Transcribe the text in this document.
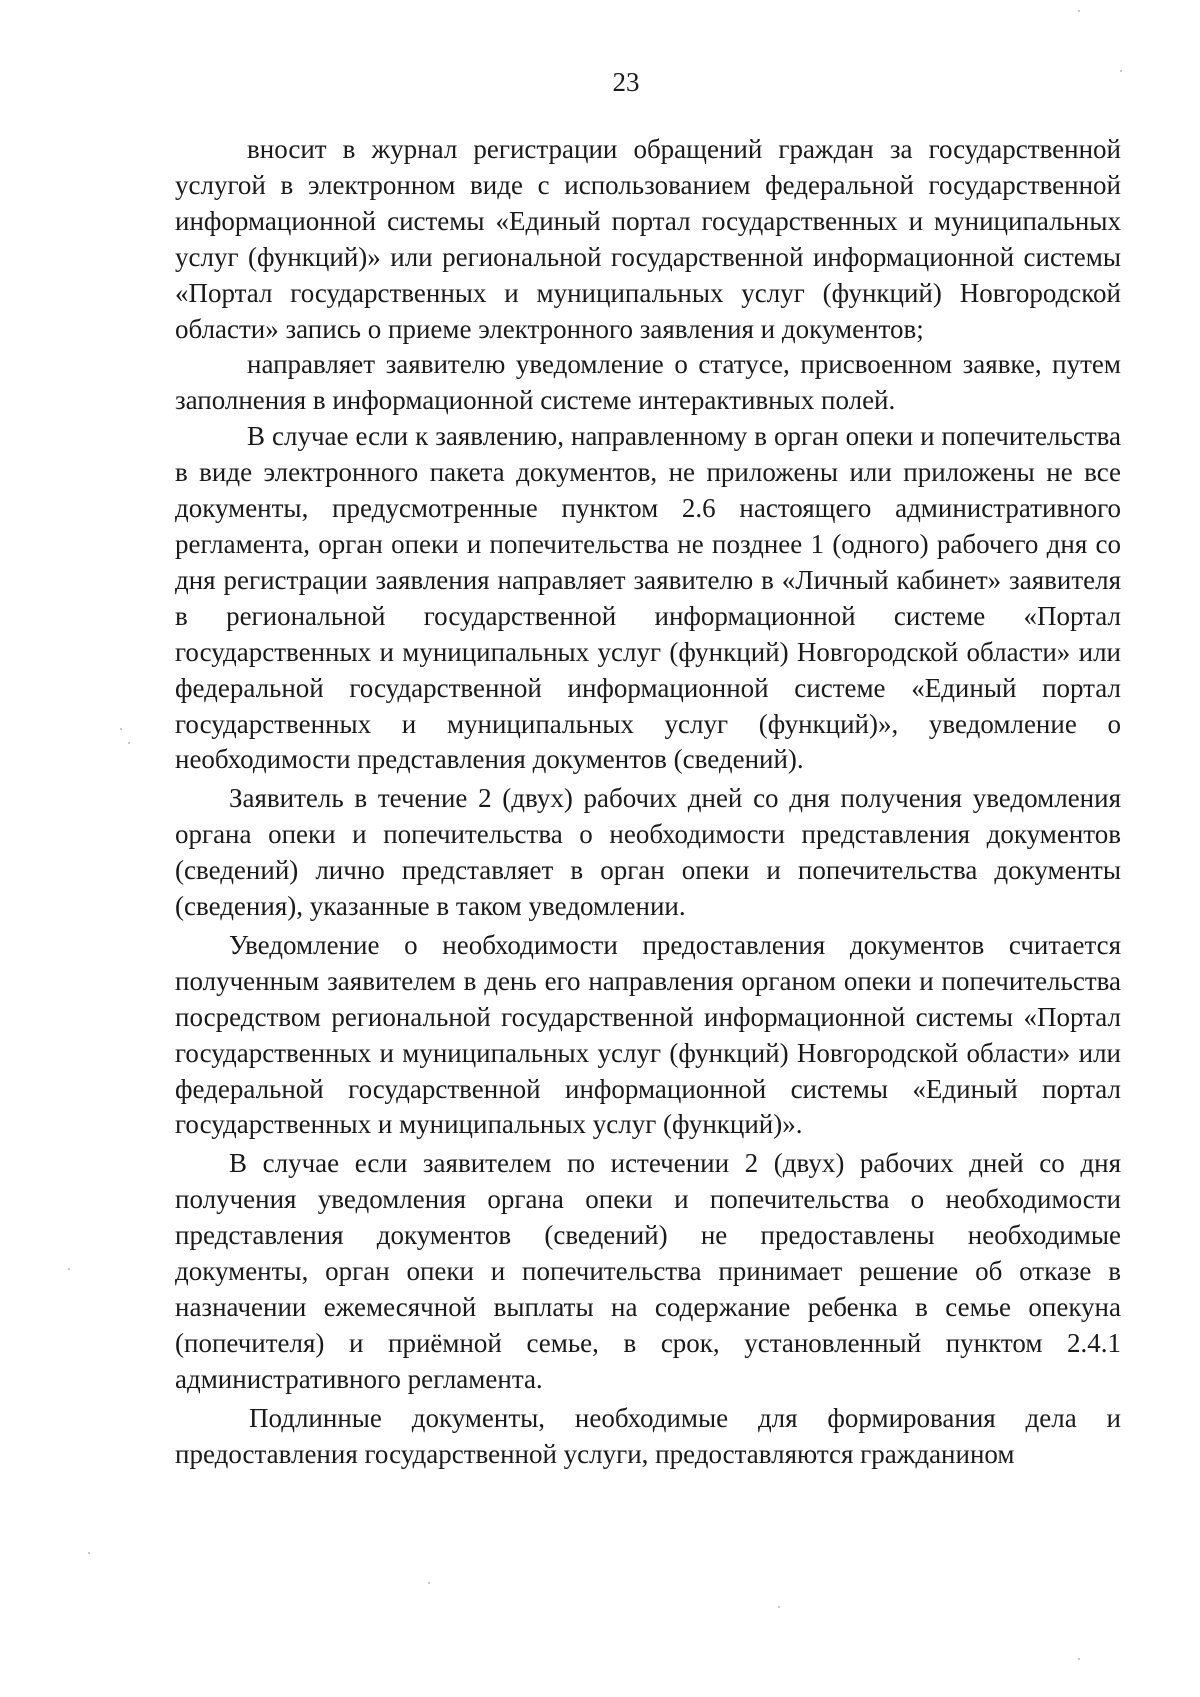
23

вносит в журнал регистрации обращений граждан за государственной услугой в электронном виде с использованием федеральной государственной информационной системы «Единый портал государственных и муниципальных услуг (функций)» или региональной государственной информационной системы «Портал государственных и муниципальных услуг (функций) Новгородской области» запись о приеме электронного заявления и документов;

направляет заявителю уведомление о статусе, присвоенном заявке, путем заполнения в информационной системе интерактивных полей.

В случае если к заявлению, направленному в орган опеки и попечительства в виде электронного пакета документов, не приложены или приложены не все документы, предусмотренные пунктом 2.6 настоящего административного регламента, орган опеки и попечительства не позднее 1 (одного) рабочего дня со дня регистрации заявления направляет заявителю в «Личный кабинет» заявителя в региональной государственной информационной системе «Портал государственных и муниципальных услуг (функций) Новгородской области» или федеральной государственной информационной системе «Единый портал государственных и муниципальных услуг (функций)», уведомление о необходимости представления документов (сведений).

Заявитель в течение 2 (двух) рабочих дней со дня получения уведомления органа опеки и попечительства о необходимости представления документов (сведений) лично представляет в орган опеки и попечительства документы (сведения), указанные в таком уведомлении.

Уведомление о необходимости предоставления документов считается полученным заявителем в день его направления органом опеки и попечительства посредством региональной государственной информационной системы «Портал государственных и муниципальных услуг (функций) Новгородской области» или федеральной государственной информационной системы «Единый портал государственных и муниципальных услуг (функций)».

В случае если заявителем по истечении 2 (двух) рабочих дней со дня получения уведомления органа опеки и попечительства о необходимости представления документов (сведений) не предоставлены необходимые документы, орган опеки и попечительства принимает решение об отказе в назначении ежемесячной выплаты на содержание ребенка в семье опекуна (попечителя) и приёмной семье, в срок, установленный пунктом 2.4.1 административного регламента.

Подлинные документы, необходимые для формирования дела и предоставления государственной услуги, предоставляются гражданином
